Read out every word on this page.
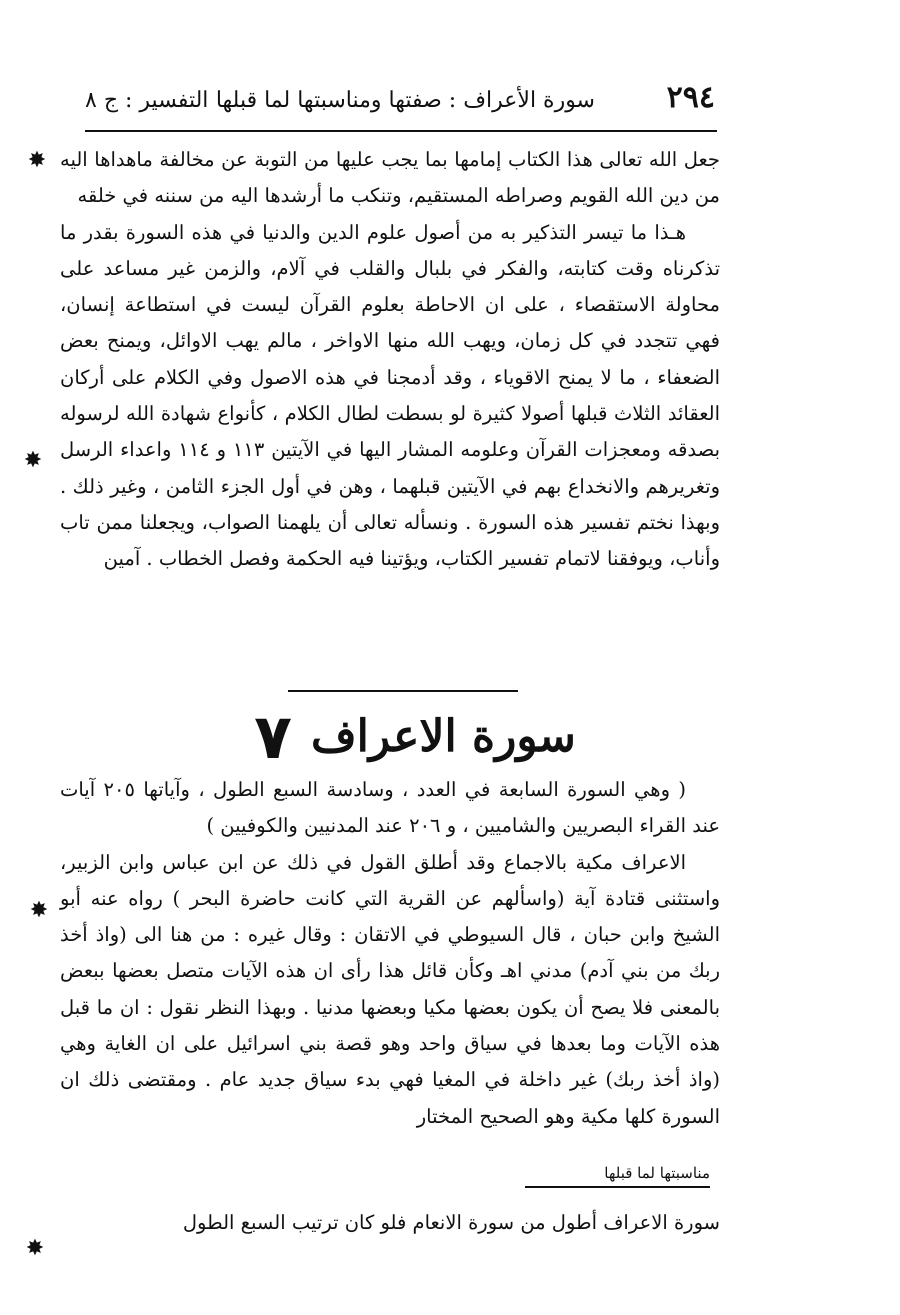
٢٩٤
سورة الأعراف : صفتها ومناسبتها لما قبلها
التفسير : ج ٨

جعل الله تعالى هذا الكتاب إمامها بما يجب عليها من التوبة عن مخالفة ماهداها اليه من دين الله القويم وصراطه المستقيم، وتنكب ما أرشدها اليه من سننه في خلقه

هـذا ما تيسر التذكير به من أصول علوم الدين والدنيا في هذه السورة بقدر ما تذكرناه وقت كتابته، والفكر في بلبال والقلب في آلام، والزمن غير مساعد على محاولة الاستقصاء ، على ان الاحاطة بعلوم القرآن ليست في استطاعة إنسان، فهي تتجدد في كل زمان، ويهب الله منها الاواخر ، مالم يهب الاوائل، ويمنح بعض الضعفاء ، ما لا يمنح الاقوياء ، وقد أدمجنا في هذه الاصول وفي الكلام على أركان العقائد الثلاث قبلها أصولا كثيرة لو بسطت لطال الكلام ، كأنواع شهادة الله لرسوله بصدقه ومعجزات القرآن وعلومه المشار اليها في الآيتين ١١٣ و ١١٤ واعداء الرسل وتغريرهم والانخداع بهم في الآيتين قبلهما ، وهن في أول الجزء الثامن ، وغير ذلك . وبهذا نختم تفسير هذه السورة . ونسأله تعالى أن يلهمنا الصواب، ويجعلنا ممن تاب وأناب، ويوفقنا لاتمام تفسير الكتاب، ويؤتينا فيه الحكمة وفصل الخطاب . آمين

سورة الاعراف ٧

( وهي السورة السابعة في العدد ، وسادسة السبع الطول ، وآياتها ٢٠٥ آيات عند القراء البصريين والشاميين ، و ٢٠٦ عند المدنيين والكوفيين )

الاعراف مكية بالاجماع وقد أطلق القول في ذلك عن ابن عباس وابن الزبير، واستثنى قتادة آية (واسألهم عن القرية التي كانت حاضرة البحر ) رواه عنه أبو الشيخ وابن حبان ، قال السيوطي في الاتقان : وقال غيره : من هنا الى (واذ أخذ ربك من بني آدم) مدني اهـ وكأن قائل هذا رأى ان هذه الآيات متصل بعضها ببعض بالمعنى فلا يصح أن يكون بعضها مكيا وبعضها مدنيا . وبهذا النظر نقول : ان ما قبل هذه الآيات وما بعدها في سياق واحد وهو قصة بني اسرائيل على ان الغاية وهي (واذ أخذ ربك) غير داخلة في المغيا فهي بدء سياق جديد عام . ومقتضى ذلك ان السورة كلها مكية وهو الصحيح المختار

مناسبتها لما قبلها

سورة الاعراف أطول من سورة الانعام فلو كان ترتيب السبع الطول

✸
✸
✸
✸
